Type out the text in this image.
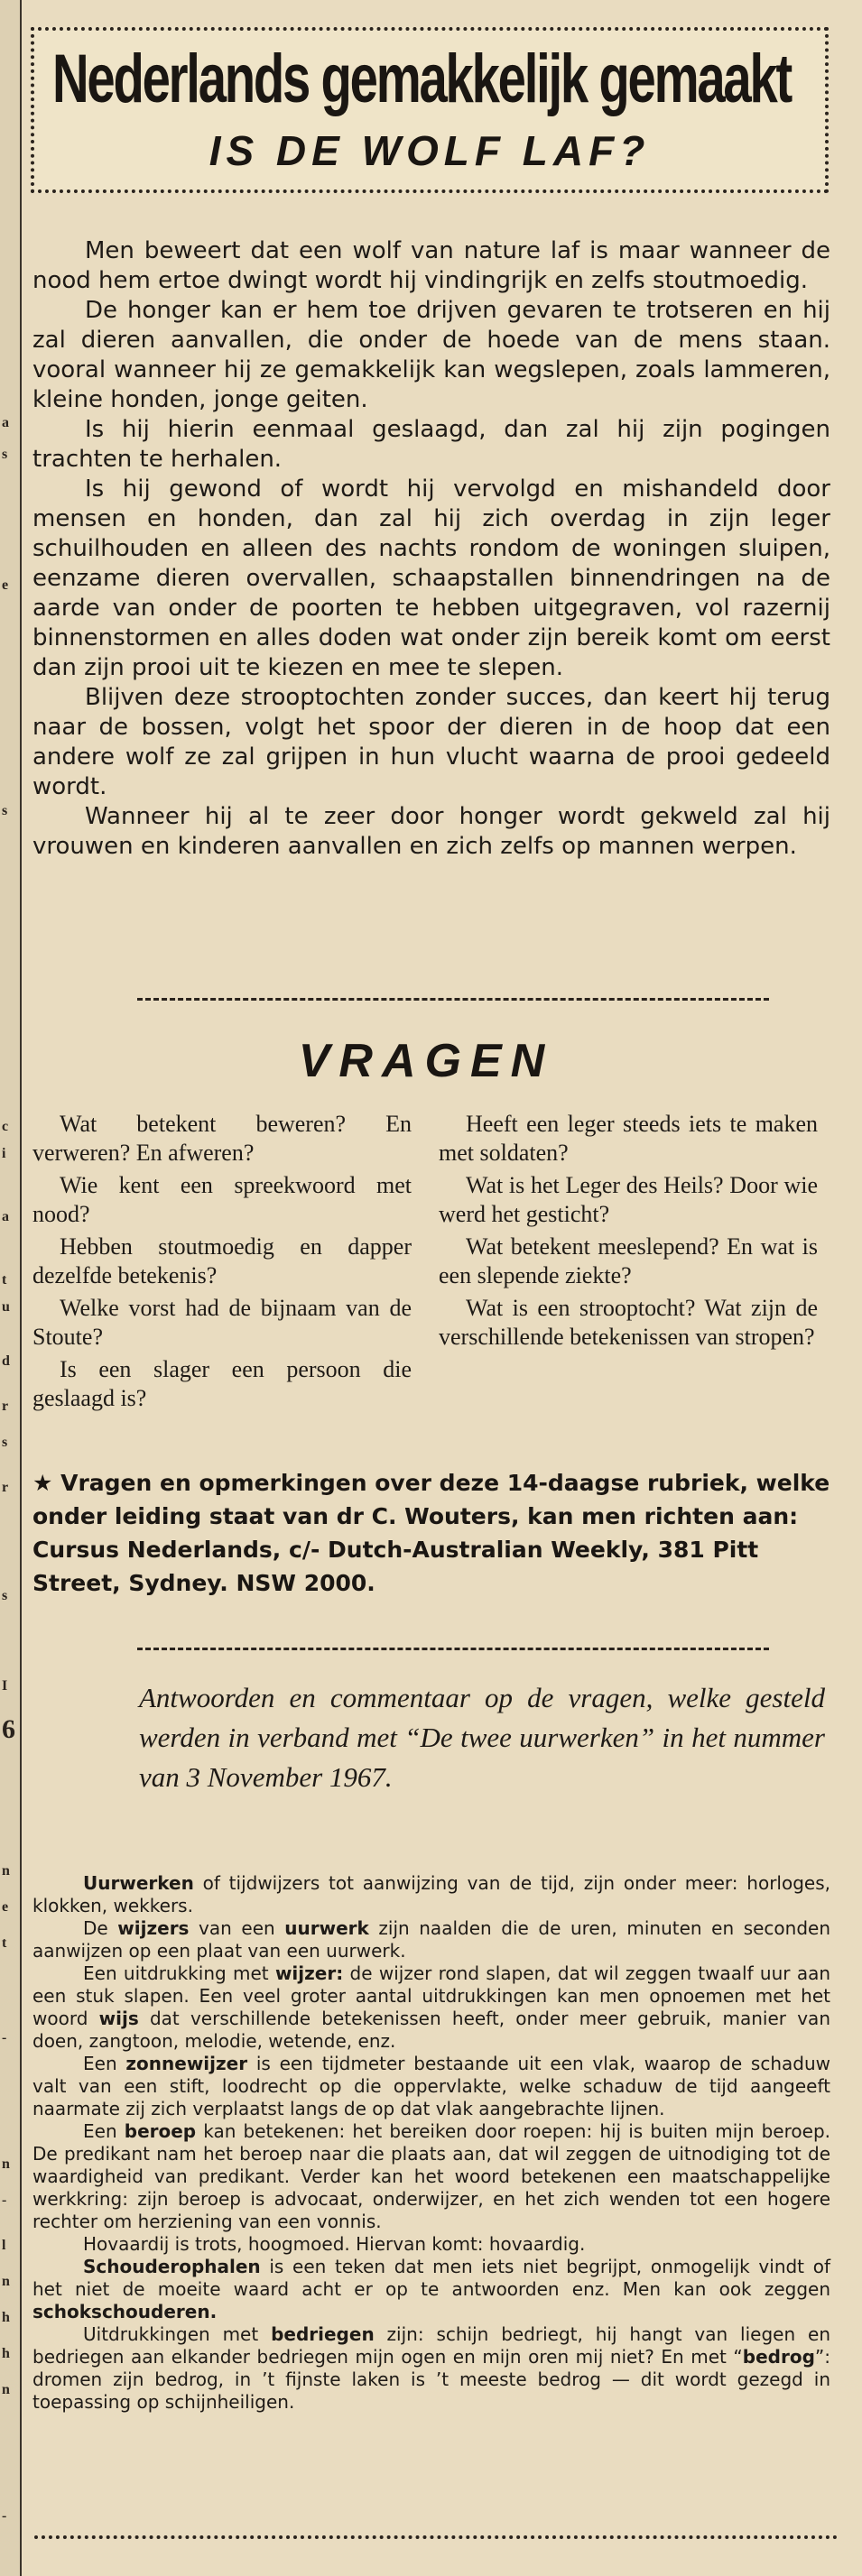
a
s
e
s
c
i
a
t
u
d
r
s
r
s
I
6
n
e
t
-
n
-
l
n
h
h
n
-
Nederlands gemakkelijk gemaakt
IS DE WOLF LAF?

Men beweert dat een wolf van nature laf is maar wanneer de nood hem ertoe dwingt wordt hij vindingrijk en zelfs stoutmoedig.

De honger kan er hem toe drijven gevaren te trotseren en hij zal dieren aanvallen, die onder de hoede van de mens staan. vooral wanneer hij ze gemakkelijk kan wegslepen, zoals lammeren, kleine honden, jonge geiten.

Is hij hierin eenmaal geslaagd, dan zal hij zijn pogingen trachten te herhalen.

Is hij gewond of wordt hij vervolgd en mishandeld door mensen en honden, dan zal hij zich overdag in zijn leger schuilhouden en alleen des nachts rondom de woningen sluipen, eenzame dieren overvallen, schaapstallen binnendringen na de aarde van onder de poorten te hebben uitgegraven, vol razernij binnenstormen en alles doden wat onder zijn bereik komt om eerst dan zijn prooi uit te kiezen en mee te slepen.

Blijven deze strooptochten zonder succes, dan keert hij terug naar de bossen, volgt het spoor der dieren in de hoop dat een andere wolf ze zal grijpen in hun vlucht waarna de prooi gedeeld wordt.

Wanneer hij al te zeer door honger wordt gekweld zal hij vrouwen en kinderen aanvallen en zich zelfs op mannen werpen.

VRAGEN

Wat betekent beweren? En verweren? En afweren?

Wie kent een spreekwoord met nood?

Hebben stoutmoedig en dapper dezelfde betekenis?

Welke vorst had de bijnaam van de Stoute?

Is een slager een persoon die geslaagd is?

Heeft een leger steeds iets te maken met soldaten?

Wat is het Leger des Heils? Door wie werd het gesticht?

Wat betekent meeslepend? En wat is een slepende ziekte?

Wat is een strooptocht? Wat zijn de verschillende betekenissen van stropen?

★ Vragen en opmerkingen over deze 14-daagse rubriek, welke onder leiding staat van dr C. Wouters, kan men richten aan: Cursus Nederlands, c/- Dutch-Australian Weekly, 381 Pitt Street, Sydney. NSW 2000.
Antwoorden en commentaar op de vragen, welke gesteld werden in verband met “De twee uurwerken” in het nummer van 3 November 1967.

Uurwerken of tijdwijzers tot aanwijzing van de tijd, zijn onder meer: horloges, klokken, wekkers.

De wijzers van een uurwerk zijn naalden die de uren, minuten en seconden aanwijzen op een plaat van een uurwerk.

Een uitdrukking met wijzer: de wijzer rond slapen, dat wil zeggen twaalf uur aan een stuk slapen. Een veel groter aantal uitdrukkingen kan men opnoemen met het woord wijs dat verschillende betekenissen heeft, onder meer gebruik, manier van doen, zangtoon, melodie, wetende, enz.

Een zonnewijzer is een tijdmeter bestaande uit een vlak, waarop de schaduw valt van een stift, loodrecht op die oppervlakte, welke schaduw de tijd aangeeft naarmate zij zich verplaatst langs de op dat vlak aangebrachte lijnen.

Een beroep kan betekenen: het bereiken door roepen: hij is buiten mijn beroep. De predikant nam het beroep naar die plaats aan, dat wil zeggen de uitnodiging tot de waardigheid van predikant. Verder kan het woord betekenen een maatschappelijke werkkring: zijn beroep is advocaat, onderwijzer, en het zich wenden tot een hogere rechter om herziening van een vonnis.

Hovaardij is trots, hoogmoed. Hiervan komt: hovaardig.

Schouderophalen is een teken dat men iets niet begrijpt, onmogelijk vindt of het niet de moeite waard acht er op te antwoorden enz. Men kan ook zeggen schokschouderen.

Uitdrukkingen met bedriegen zijn: schijn bedriegt, hij hangt van liegen en bedriegen aan elkander bedriegen mijn ogen en mijn oren mij niet? En met “bedrog”: dromen zijn bedrog, in ’t fijnste laken is ’t meeste bedrog — dit wordt gezegd in toepassing op schijnheiligen.
